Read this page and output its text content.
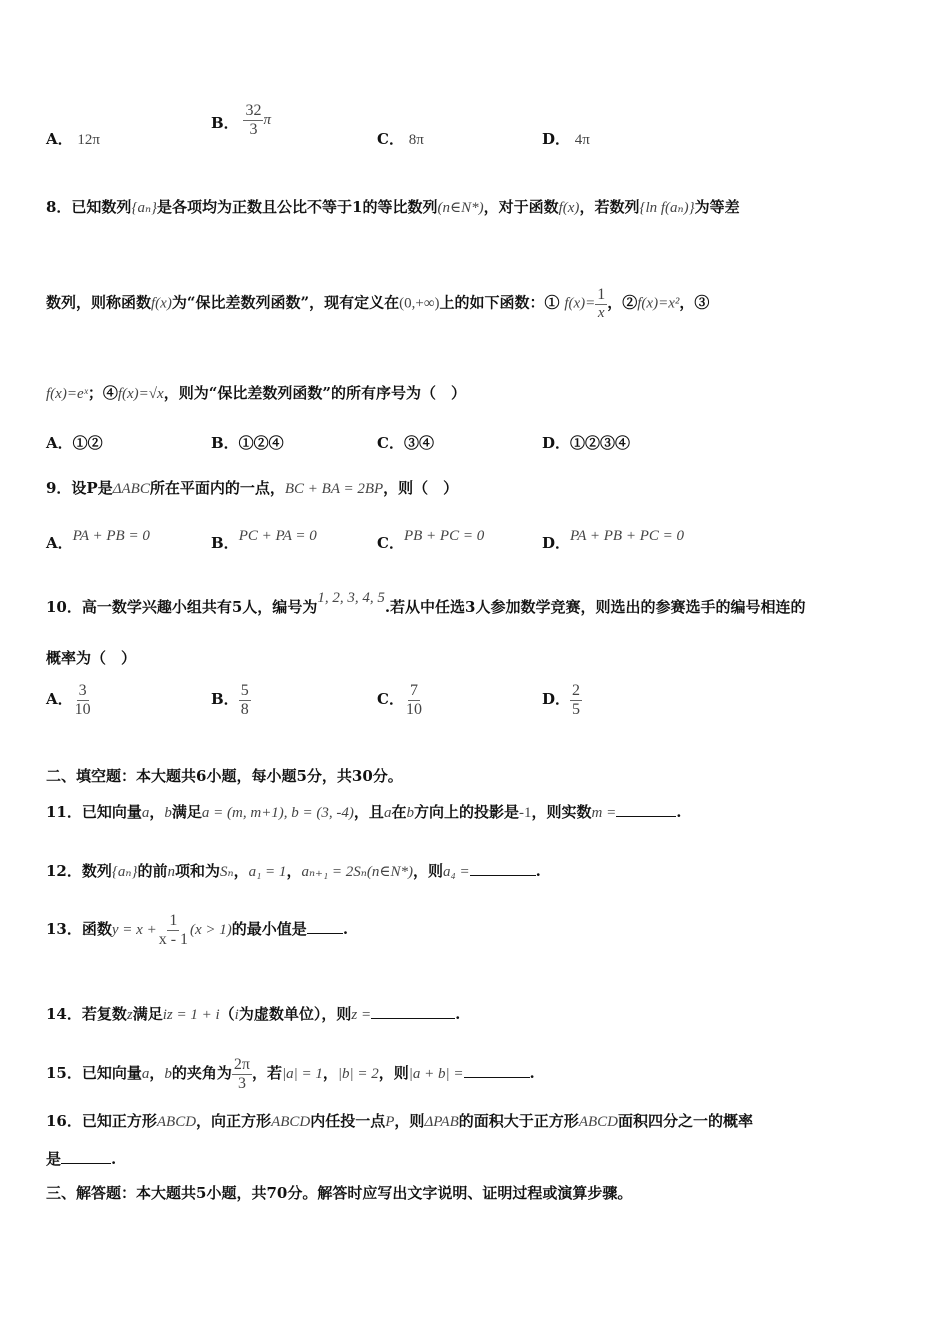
A． 12π
B． $\frac{32}{3}$ π
C． 8π	D． 4π
8．已知数列{aₙ}是各项均为正数且公比不等于1的等比数列(n∈N*)，对于函数f(x)，若数列{ln f(aₙ)}为等差
数列，则称函数f(x)为“保比差数列函数”，现有定义在(0,+∞)上的如下函数：① $f(x)= \frac{1}{x}$ ，②f(x)=x²，③
f(x)=eˣ；④f(x)=√x，则为“保比差数列函数”的所有序号为（　）
A．①②	B．①②④	C．③④	D．①②③④
9．设P是ΔABC所在平面内的一点，BC + BA = 2BP，则（　）
A．PA + PB = 0	B．PC + PA = 0	C．PB + PC = 0	D．PA + PB + PC = 0
10．高一数学兴趣小组共有5人，编号为1, 2, 3, 4, 5.若从中任选3人参加数学竞赛，则选出的参赛选手的编号相连的
概率为（　）
A． $\frac{3}{10}$	B． $\frac{5}{8}$	C． $\frac{7}{10}$	D． $\frac{2}{5}$
二、填空题：本大题共6小题，每小题5分，共30分。
11．已知向量a，b满足a = (m, m+1), b = (3, -4)，且a在b方向上的投影是-1，则实数m =	.
12．数列{aₙ}的前n项和为Sₙ，a₁ = 1，aₙ₊₁ = 2Sₙ(n∈N*)，则a₄ =	.
13．函数$y = x + \frac{1}{x - 1} (x > 1)$的最小值是 .
14．若复数z满足iz = 1 + i（i为虚数单位），则z =	.
15．已知向量a，b的夹角为 $\frac{2\pi}{3}$ ，若|a| = 1，|b| = 2，则|a + b| =	.
16．已知正方形ABCD，向正方形ABCD内任投一点P，则ΔPAB的面积大于正方形ABCD面积四分之一的概率
是	.
三、解答题：本大题共5小题，共70分。解答时应写出文字说明、证明过程或演算步骤。
